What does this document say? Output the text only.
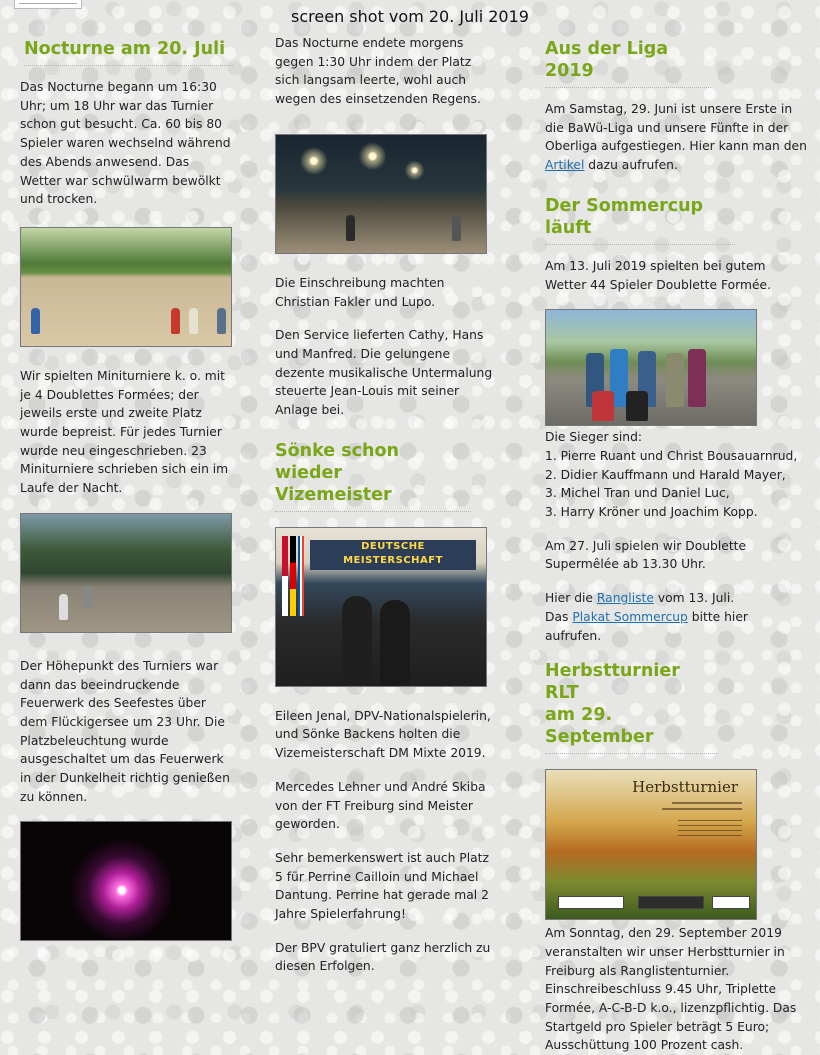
screen shot vom 20. Juli 2019
Nocturne am 20. Juli

Das Nocturne begann um 16:30 Uhr; um 18 Uhr war das Turnier schon gut besucht. Ca. 60 bis 80 Spieler waren wechselnd während des Abends anwesend. Das Wetter war schwülwarm bewölkt und trocken.

Wir spielten Miniturniere k. o. mit je 4 Doublettes Formées; der jeweils erste und zweite Platz wurde bepreist. Für jedes Turnier wurde neu eingeschrieben. 23 Miniturniere schrieben sich ein im Laufe der Nacht.

Der Höhepunkt des Turniers war dann das beeindruckende Feuerwerk des Seefestes über dem Flückigersee um 23 Uhr. Die Platzbeleuchtung wurde ausgeschaltet um das Feuerwerk in der Dunkelheit richtig genießen zu können.

Das Nocturne endete morgens gegen 1:30 Uhr indem der Platz sich langsam leerte, wohl auch wegen des einsetzenden Regens.

Die Einschreibung machten Christian Fakler und Lupo.

Den Service lieferten Cathy, Hans und Manfred. Die gelungene dezente musikalische Untermalung steuerte Jean-Louis mit seiner Anlage bei.

Sönke schon wieder
Vizemeister
DEUTSCHE MEISTERSCHAFT

Eileen Jenal, DPV-Nationalspielerin, und Sönke Backens holten die Vizemeisterschaft DM Mixte 2019.

Mercedes Lehner und André Skiba von der FT Freiburg sind Meister geworden.

Sehr bemerkenswert ist auch Platz 5 für Perrine Cailloin und Michael Dantung. Perrine hat gerade mal 2 Jahre Spielerfahrung!

Der BPV gratuliert ganz herzlich zu diesen Erfolgen.

Aus der Liga 2019

Am Samstag, 29. Juni ist unsere Erste in die BaWü-Liga und unsere Fünfte in der Oberliga aufgestiegen. Hier kann man den Artikel dazu aufrufen.

Der Sommercup läuft

Am 13. Juli 2019 spielten bei gutem Wetter 44 Spieler Doublette Formée.

Die Sieger sind:

1. Pierre Ruant und Christ Bousauarnrud,

2. Didier Kauffmann und Harald Mayer,

3. Michel Tran und Daniel Luc,

3. Harry Kröner und Joachim Kopp.

Am 27. Juli spielen wir Doublette Supermêlée ab 13.30 Uhr.

Hier die Rangliste vom 13. Juli.

Das Plakat Sommercup bitte hier aufrufen.

Herbstturnier RLT
am 29. September
Herbstturnier

Am Sonntag, den 29. September 2019 veranstalten wir unser Herbstturnier in Freiburg als Ranglistenturnier. Einschreibeschluss 9.45 Uhr, Triplette Formée, A-C-B-D k.o., lizenzpflichtig. Das Startgeld pro Spieler beträgt 5 Euro; Ausschüttung 100 Prozent cash.
